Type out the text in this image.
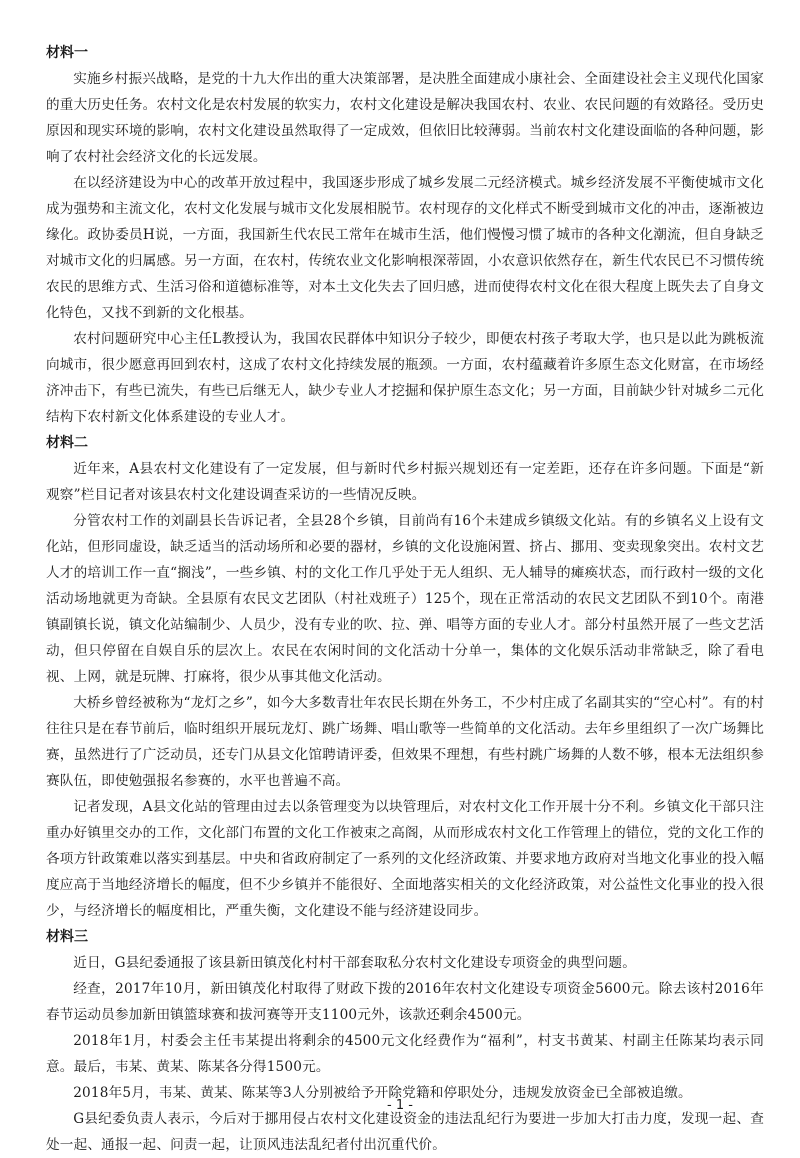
材料一

实施乡村振兴战略，是党的十九大作出的重大决策部署，是决胜全面建成小康社会、全面建设社会主义现代化国家的重大历史任务。农村文化是农村发展的软实力，农村文化建设是解决我国农村、农业、农民问题的有效路径。受历史原因和现实环境的影响，农村文化建设虽然取得了一定成效，但依旧比较薄弱。当前农村文化建设面临的各种问题，影响了农村社会经济文化的长远发展。

在以经济建设为中心的改革开放过程中，我国逐步形成了城乡发展二元经济模式。城乡经济发展不平衡使城市文化成为强势和主流文化，农村文化发展与城市文化发展相脱节。农村现存的文化样式不断受到城市文化的冲击，逐渐被边缘化。政协委员H说，一方面，我国新生代农民工常年在城市生活，他们慢慢习惯了城市的各种文化潮流，但自身缺乏对城市文化的归属感。另一方面，在农村，传统农业文化影响根深蒂固，小农意识依然存在，新生代农民已不习惯传统农民的思维方式、生活习俗和道德标准等，对本土文化失去了回归感，进而使得农村文化在很大程度上既失去了自身文化特色，又找不到新的文化根基。

农村问题研究中心主任L教授认为，我国农民群体中知识分子较少，即便农村孩子考取大学，也只是以此为跳板流向城市，很少愿意再回到农村，这成了农村文化持续发展的瓶颈。一方面，农村蕴藏着许多原生态文化财富，在市场经济冲击下，有些已流失，有些已后继无人，缺少专业人才挖掘和保护原生态文化；另一方面，目前缺少针对城乡二元化结构下农村新文化体系建设的专业人才。

材料二

近年来，A县农村文化建设有了一定发展，但与新时代乡村振兴规划还有一定差距，还存在许多问题。下面是“新观察”栏目记者对该县农村文化建设调查采访的一些情况反映。

分管农村工作的刘副县长告诉记者，全县28个乡镇，目前尚有16个未建成乡镇级文化站。有的乡镇名义上设有文化站，但形同虚设，缺乏适当的活动场所和必要的器材，乡镇的文化设施闲置、挤占、挪用、变卖现象突出。农村文艺人才的培训工作一直“搁浅”，一些乡镇、村的文化工作几乎处于无人组织、无人辅导的瘫痪状态，而行政村一级的文化活动场地就更为奇缺。全县原有农民文艺团队（村社戏班子）125个，现在正常活动的农民文艺团队不到10个。南港镇副镇长说，镇文化站编制少、人员少，没有专业的吹、拉、弹、唱等方面的专业人才。部分村虽然开展了一些文艺活动，但只停留在自娱自乐的层次上。农民在农闲时间的文化活动十分单一，集体的文化娱乐活动非常缺乏，除了看电视、上网，就是玩牌、打麻将，很少从事其他文化活动。

大桥乡曾经被称为“龙灯之乡”，如今大多数青壮年农民长期在外务工，不少村庄成了名副其实的“空心村”。有的村往往只是在春节前后，临时组织开展玩龙灯、跳广场舞、唱山歌等一些简单的文化活动。去年乡里组织了一次广场舞比赛，虽然进行了广泛动员，还专门从县文化馆聘请评委，但效果不理想，有些村跳广场舞的人数不够，根本无法组织参赛队伍，即使勉强报名参赛的，水平也普遍不高。

记者发现，A县文化站的管理由过去以条管理变为以块管理后，对农村文化工作开展十分不利。乡镇文化干部只注重办好镇里交办的工作，文化部门布置的文化工作被束之高阁，从而形成农村文化工作管理上的错位，党的文化工作的各项方针政策难以落实到基层。中央和省政府制定了一系列的文化经济政策、并要求地方政府对当地文化事业的投入幅度应高于当地经济增长的幅度，但不少乡镇并不能很好、全面地落实相关的文化经济政策，对公益性文化事业的投入很少，与经济增长的幅度相比，严重失衡，文化建设不能与经济建设同步。

材料三

近日，G县纪委通报了该县新田镇茂化村村干部套取私分农村文化建设专项资金的典型问题。

经查，2017年10月，新田镇茂化村取得了财政下拨的2016年农村文化建设专项资金5600元。除去该村2016年春节运动员参加新田镇篮球赛和拔河赛等开支1100元外，该款还剩余4500元。

2018年1月，村委会主任韦某提出将剩余的4500元文化经费作为“福利”，村支书黄某、村副主任陈某均表示同意。最后，韦某、黄某、陈某各分得1500元。

2018年5月，韦某、黄某、陈某等3人分别被给予开除党籍和停职处分，违规发放资金已全部被追缴。

G县纪委负责人表示，今后对于挪用侵占农村文化建设资金的违法乱纪行为要进一步加大打击力度，发现一起、查处一起、通报一起、问责一起，让顶风违法乱纪者付出沉重代价。

- 1 -
